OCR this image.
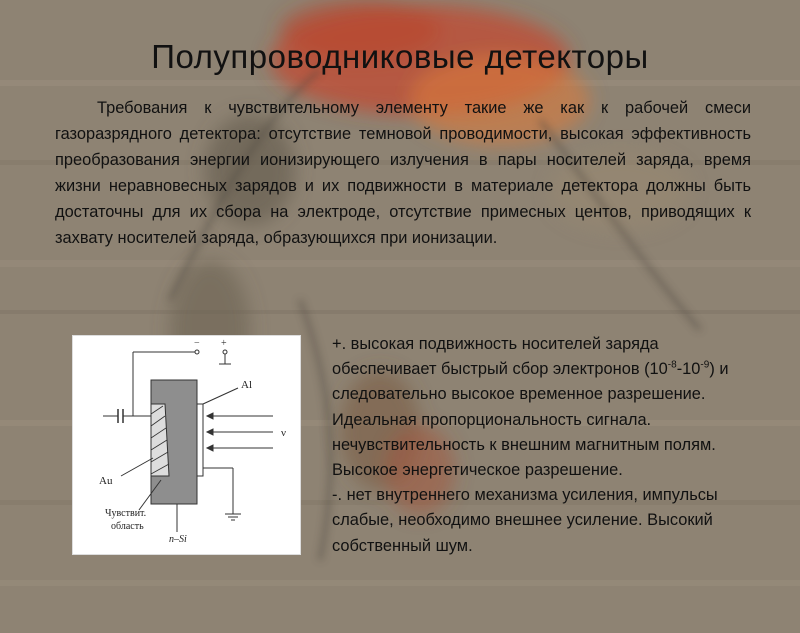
Полупроводниковые детекторы
Требования к чувствительному элементу такие же как к рабочей смеси газоразрядного детектора: отсутствие темновой проводимости, высокая эффективность преобразования энергии ионизирующего излучения в пары носителей заряда, время жизни неравновесных зарядов и их подвижности в материале детектора должны быть достаточны для их сбора на электроде, отсутствие примесных центов, приводящих к захвату носителей заряда, образующихся при ионизации.
− +
Al
ν
Au
Чувствит.
область
n–Si
+. высокая подвижность носителей заряда
обеспечивает быстрый сбор электронов $(10^{-8}-10^{-9})$ и
следовательно высокое временное разрешение.
Идеальная пропорциональность сигнала.
нечувствительность к внешним магнитным полям.
Высокое энергетическое разрешение.
-. нет внутреннего механизма усиления, импульсы
слабые, необходимо внешнее усиление. Высокий
собственный шум.
